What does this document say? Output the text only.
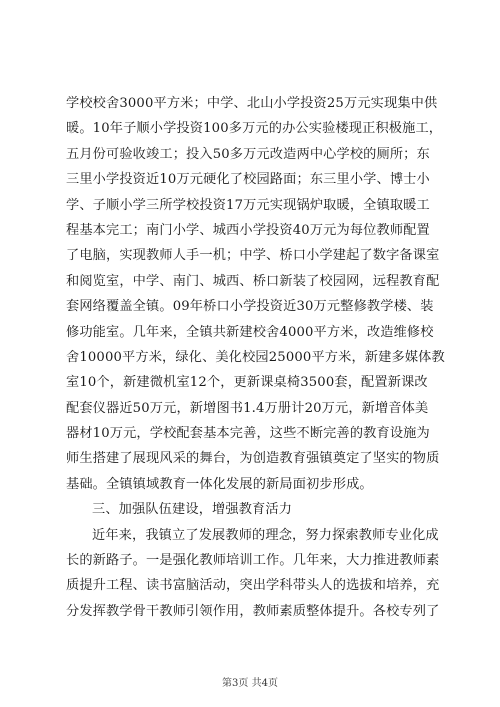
学校校舍3000平方米；中学、北山小学投资25万元实现集中供
暖。10年子顺小学投资100多万元的办公实验楼现正积极施工，
五月份可验收竣工；投入50多万元改造两中心学校的厕所；东
三里小学投资近10万元硬化了校园路面；东三里小学、博士小
学、子顺小学三所学校投资17万元实现锅炉取暖，全镇取暖工
程基本完工；南门小学、城西小学投资40万元为每位教师配置
了电脑，实现教师人手一机；中学、桥口小学建起了数字备课室
和阅览室，中学、南门、城西、桥口新装了校园网，远程教育配
套网络覆盖全镇。09年桥口小学投资近30万元整修教学楼、装
修功能室。几年来，全镇共新建校舍4000平方米，改造维修校
舍10000平方米，绿化、美化校园25000平方米，新建多媒体教
室10个，新建微机室12个，更新课桌椅3500套，配置新课改
配套仪器近50万元，新增图书1.4万册计20万元，新增音体美
器材10万元，学校配套基本完善，这些不断完善的教育设施为
师生搭建了展现风采的舞台，为创造教育强镇奠定了坚实的物质
基础。全镇镇域教育一体化发展的新局面初步形成。
三、加强队伍建设，增强教育活力
近年来，我镇立了发展教师的理念，努力探索教师专业化成
长的新路子。一是强化教师培训工作。几年来，大力推进教师素
质提升工程、读书富脑活动，突出学科带头人的选拔和培养，充
分发挥教学骨干教师引领作用，教师素质整体提升。各校专列了
第3页 共4页
